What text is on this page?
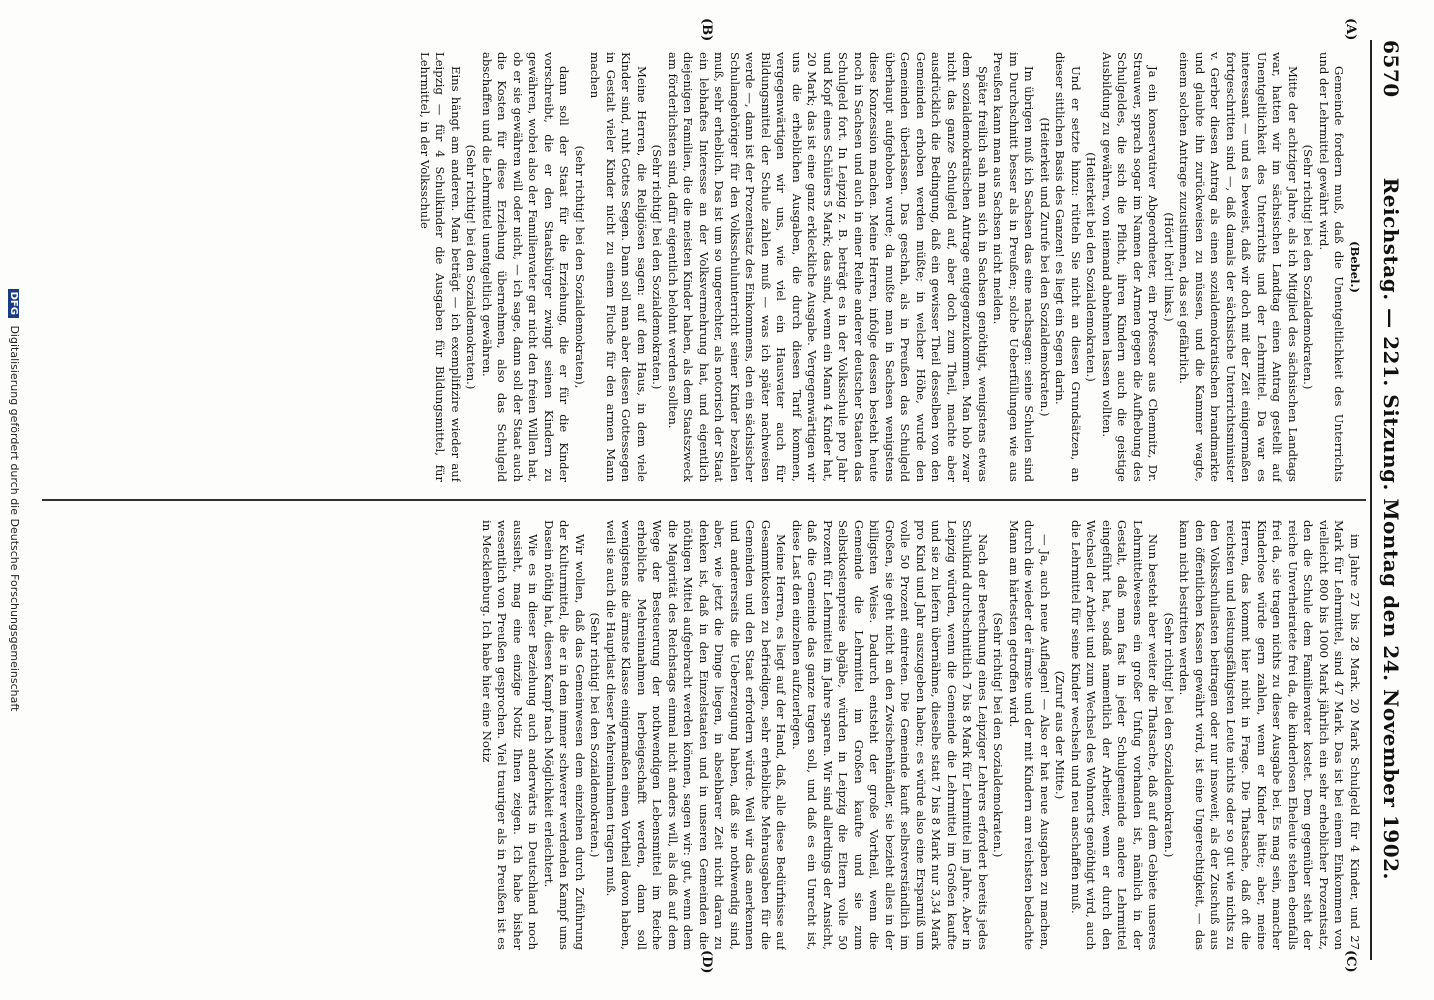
6570
Reichstag. — 221. Sitzung. Montag den 24. November 1902.
(A)
(B)
(C)
(D)

(Bebel.)

Gemeinde fordern muß, daß die Unentgeltlichkeit des Unterrichts und der Lehrmittel gewährt wird.

(Sehr richtig! bei den Sozialdemokraten.)

Mitte der achtziger Jahre, als ich Mitglied des sächsischen Landtags war, hatten wir im sächsischen Landtag einen Antrag gestellt auf Unentgeltlichkeit des Unterrichts und der Lehrmittel. Da war es interessant — und es beweist, daß wir doch mit der Zeit einigermaßen fortgeschritten sind —, daß damals der sächsische Unterrichtsminister v. Gerber diesen Antrag als einen sozialdemokratischen brandmarkte und glaubte ihn zurückweisen zu müssen, und die Kammer wagte, einem solchen Antrage zuzustimmen, das sei gefährlich.

(Hört! hört! links.)

Ja ein konservativer Abgeordneter, ein Professor aus Chemnitz, Dr. Strauwer, sprach sogar im Namen der Armen gegen die Aufhebung des Schulgeldes, die sich die Pflicht, ihren Kindern auch die geistige Ausbildung zu gewähren, von niemand abnehmen lassen wollten.

(Heiterkeit bei den Sozialdemokraten.)

Und er setzte hinzu: rütteln Sie nicht an diesen Grundsätzen, an dieser sittlichen Basis des Ganzen! es liegt ein Segen darin.

(Heiterkeit und Zurufe bei den Sozialdemokraten.)

Im übrigen muß ich Sachsen das eine nachsagen: seine Schulen sind im Durchschnitt besser als in Preußen; solche Ueberfüllungen wie aus Preußen kann man aus Sachsen nicht melden.

Später freilich sah man sich in Sachsen genöthigt, wenigstens etwas dem sozialdemokratischen Antrage entgegenzukommen. Man hob zwar nicht das ganze Schulgeld auf, aber doch zum Theil, machte aber ausdrücklich die Bedingung, daß ein gewisser Theil desselben von den Gemeinden erhoben werden müßte; in welcher Höhe, wurde den Gemeinden überlassen. Das geschah, als in Preußen das Schulgeld überhaupt aufgehoben wurde; da mußte man in Sachsen wenigstens diese Konzession machen. Meine Herren, infolge dessen besteht heute noch in Sachsen und auch in einer Reihe anderer deutscher Staaten das Schulgeld fort. In Leipzig z. B. beträgt es in der Volksschule pro Jahr und Kopf eines Schülers 5 Mark; das sind, wenn ein Mann 4 Kinder hat, 20 Mark; das ist eine ganz erkleckliche Ausgabe. Vergegenwärtigen wir uns die erheblichen Ausgaben, die durch diesen Tarif kommen, vergegenwärtigen wir uns, wie viel ein Hausvater auch für Bildungsmittel der Schule zahlen muß — was ich später nachweisen werde —, dann ist der Prozentsatz des Einkommens, den ein sächsischer Schulangehöriger für den Volksschulunterricht seiner Kinder bezahlen muß, sehr erheblich. Das ist um so ungerechter, als notorisch der Staat ein lebhaftes Interesse an der Volksvermehrung hat, und eigentlich diejenigen Familien, die die meisten Kinder haben, als dem Staatszweck am förderlichsten sind, dafür eigentlich belohnt werden sollten.

(Sehr richtig! bei den Sozialdemokraten.)

Meine Herren, die Religiösen sagen: auf dem Haus, in dem viele Kinder sind, ruht Gottes Segen. Dann soll man aber diesen Gottessegen in Gestalt vieler Kinder nicht zu einem Fluche für den armen Mann machen

(sehr richtig! bei den Sozialdemokraten),

dann soll der Staat für die Erziehung, die er für die Kinder vorschreibt, die er den Staatsbürger zwingt seinen Kindern zu gewähren, wobei also der Familienvater gar nicht den freien Willen hat, ob er sie gewähren will oder nicht, — ich sage, dann soll der Staat auch die Kosten für diese Erziehung übernehmen, also das Schulgeld abschaffen und die Lehrmittel unentgeltlich gewähren.

(Sehr richtig! bei den Sozialdemokraten.)

Eins hängt am anderen. Man beträgt — ich exemplifizire wieder auf Leipzig — für 4 Schulkinder die Ausgaben für Bildungsmittel, für Lehrmittel, in der Volksschule

im Jahre 27 bis 28 Mark. 20 Mark Schulgeld für 4 Kinder, und 27 Mark für Lehrmittel, sind 47 Mark. Das ist bei einem Einkommen von vielleicht 800 bis 1000 Mark jährlich ein sehr erheblicher Prozentsatz, den die Schule dem Familienvater kostet. Dem gegenüber steht der reiche Unverheiratete frei da, die kinderlosen Eheleute stehen ebenfalls frei da, sie tragen nichts zu dieser Ausgabe bei. Es mag sein, mancher Kinderlose würde gern zahlen, wenn er Kinder hätte; aber, meine Herren, das kommt hier nicht in Frage. Die Thatsache, daß oft die reichsten und leistungsfähigsten Leute nichts oder so gut wie nichts zu den Volksschullasten beitragen oder nur insoweit, als der Zuschuß aus den öffentlichen Kassen gewährt wird, ist eine Ungerechtigkeit, — das kann nicht bestritten werden.

(Sehr richtig! bei den Sozialdemokraten.)

Nun besteht aber weiter die Thatsache, daß auf dem Gebiete unseres Lehrmittelwesens ein großer Unfug vorhanden ist, nämlich in der Gestalt, daß man fast in jeder Schulgemeinde andere Lehrmittel eingeführt hat, sodaß namentlich der Arbeiter, wenn er durch den Wechsel der Arbeit und zum Wechsel des Wohnorts genöthigt wird, auch die Lehrmittel für seine Kinder wechseln und neu anschaffen muß.

(Zuruf aus der Mitte.)

— Ja, auch neue Auflagen! — Also er hat neue Ausgaben zu machen, durch die wieder der ärmste und der mit Kindern am reichsten bedachte Mann am härtesten getroffen wird.

(Sehr richtig! bei den Sozialdemokraten.)

Nach der Berechnung eines Leipziger Lehrers erfordert bereits jedes Schulkind durchschnittlich 7 bis 8 Mark für Lehrmittel im Jahre. Aber in Leipzig würden, wenn die Gemeinde die Lehrmittel im Großen kaufte und sie zu liefern übernähme, dieselbe statt 7 bis 8 Mark nur 3,34 Mark pro Kind und Jahr auszugeben haben; es würde also eine Ersparniß um volle 50 Prozent eintreten. Die Gemeinde kauft selbstverständlich im Großen, sie geht nicht an den Zwischenhändler, sie bezieht alles in der billigsten Weise. Dadurch entsteht der große Vortheil, wenn die Gemeinde die Lehrmittel im Großen kaufte und sie zum Selbstkostenpreise abgäbe, würden in Leipzig die Eltern volle 50 Prozent für Lehrmittel im Jahre sparen. Wir sind allerdings der Ansicht, daß die Gemeinde das ganze tragen soll, und daß es ein Unrecht ist, diese Last den einzelnen aufzuerlegen.

Meine Herren, es liegt auf der Hand, daß, alle diese Bedürfnisse auf Gesammtkosten zu befriedigen, sehr erhebliche Mehrausgaben für die Gemeinden und den Staat erfordern würde. Weil wir das anerkennen und andererseits die Ueberzeugung haben, daß sie nothwendig sind, aber, wie jetzt die Dinge liegen, in absehbarer Zeit nicht daran zu denken ist, daß in den Einzelstaaten und in unseren Gemeinden die nöthigen Mittel aufgebracht werden können, sagen wir: gut, wenn dem die Majorität des Reichstags einmal nicht anders will, als daß auf dem Wege der Besteuerung der nothwendigen Lebensmittel im Reiche erhebliche Mehreinnahmen herbeigeschafft werden, dann soll wenigstens die ärmste Klasse einigermaßen einen Vortheil davon haben, weil sie auch die Hauptlast dieser Mehreinnahmen tragen muß.

(Sehr richtig! bei den Sozialdemokraten.)

Wir wollen, daß das Gemeinwesen dem einzelnen durch Zuführung der Kulturmittel, die er in dem immer schwerer werdenden Kampf ums Dasein nöthig hat, diesen Kampf nach Möglichkeit erleichtert.

Wie es in dieser Beziehung auch anderwärts in Deutschland noch aussieht, mag eine einzige Notiz Ihnen zeigen. Ich habe bisher wesentlich von Preußen gesprochen. Viel trauriger als in Preußen ist es in Mecklenburg. Ich habe hier eine Notiz

DFG Digitalisierung gefördert durch die Deutsche Forschungsgemeinschaft
